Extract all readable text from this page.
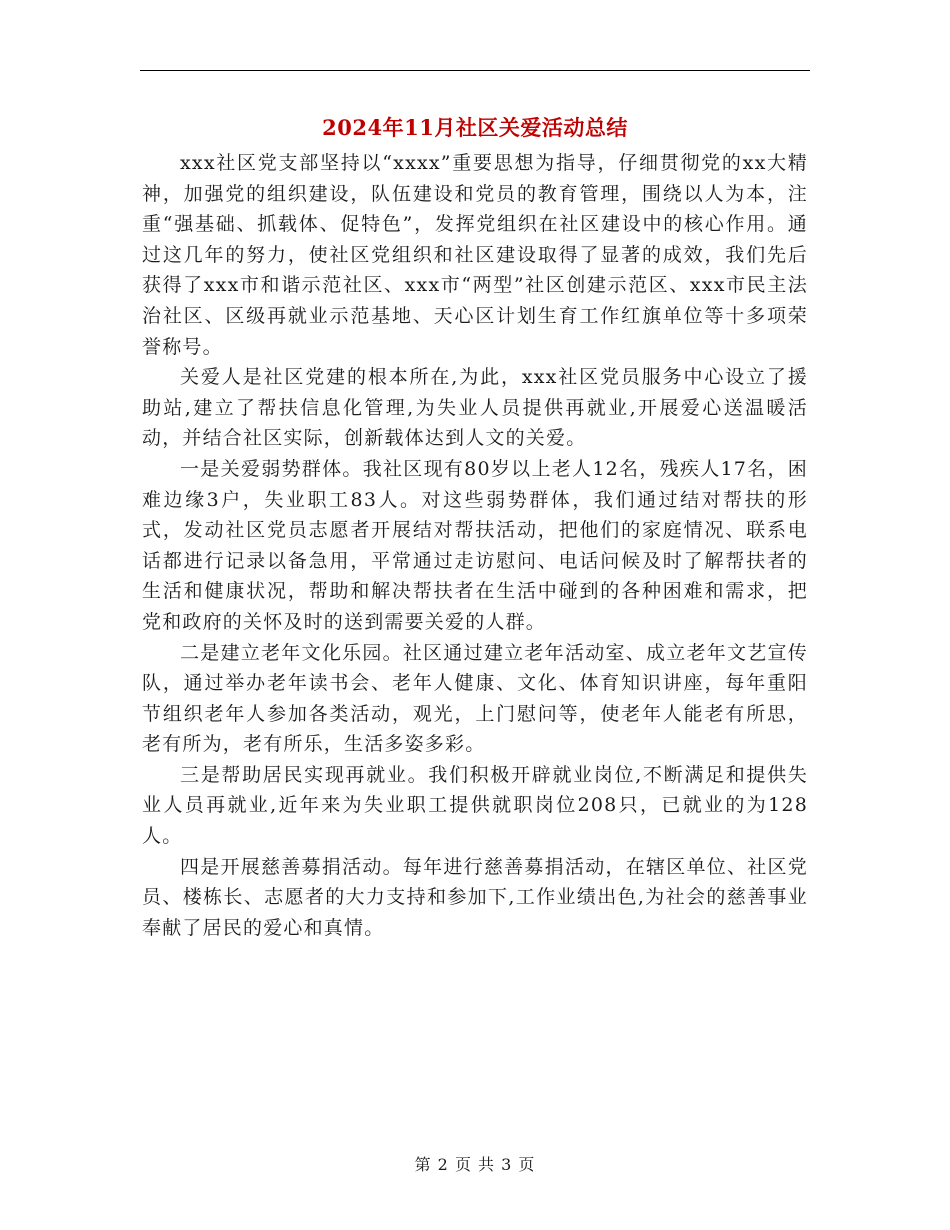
2024年11月社区关爱活动总结

xxx社区党支部坚持以“xxxx”重要思想为指导，仔细贯彻党的xx大精神，加强党的组织建设，队伍建设和党员的教育管理，围绕以人为本，注重“强基础、抓载体、促特色”，发挥党组织在社区建设中的核心作用。通过这几年的努力，使社区党组织和社区建设取得了显著的成效，我们先后获得了xxx市和谐示范社区、xxx市“两型”社区创建示范区、xxx市民主法治社区、区级再就业示范基地、天心区计划生育工作红旗单位等十多项荣誉称号。

关爱人是社区党建的根本所在,为此，xxx社区党员服务中心设立了援助站,建立了帮扶信息化管理,为失业人员提供再就业,开展爱心送温暖活动，并结合社区实际，创新载体达到人文的关爱。

一是关爱弱势群体。我社区现有80岁以上老人12名，残疾人17名，困难边缘3户，失业职工83人。对这些弱势群体，我们通过结对帮扶的形式，发动社区党员志愿者开展结对帮扶活动，把他们的家庭情况、联系电话都进行记录以备急用，平常通过走访慰问、电话问候及时了解帮扶者的生活和健康状况，帮助和解决帮扶者在生活中碰到的各种困难和需求，把党和政府的关怀及时的送到需要关爱的人群。

二是建立老年文化乐园。社区通过建立老年活动室、成立老年文艺宣传队，通过举办老年读书会、老年人健康、文化、体育知识讲座，每年重阳节组织老年人参加各类活动，观光，上门慰问等，使老年人能老有所思，老有所为，老有所乐，生活多姿多彩。

三是帮助居民实现再就业。我们积极开辟就业岗位,不断满足和提供失业人员再就业,近年来为失业职工提供就职岗位208只，已就业的为128人。

四是开展慈善募捐活动。每年进行慈善募捐活动，在辖区单位、社区党员、楼栋长、志愿者的大力支持和参加下,工作业绩出色,为社会的慈善事业奉献了居民的爱心和真情。

第 2 页 共 3 页
